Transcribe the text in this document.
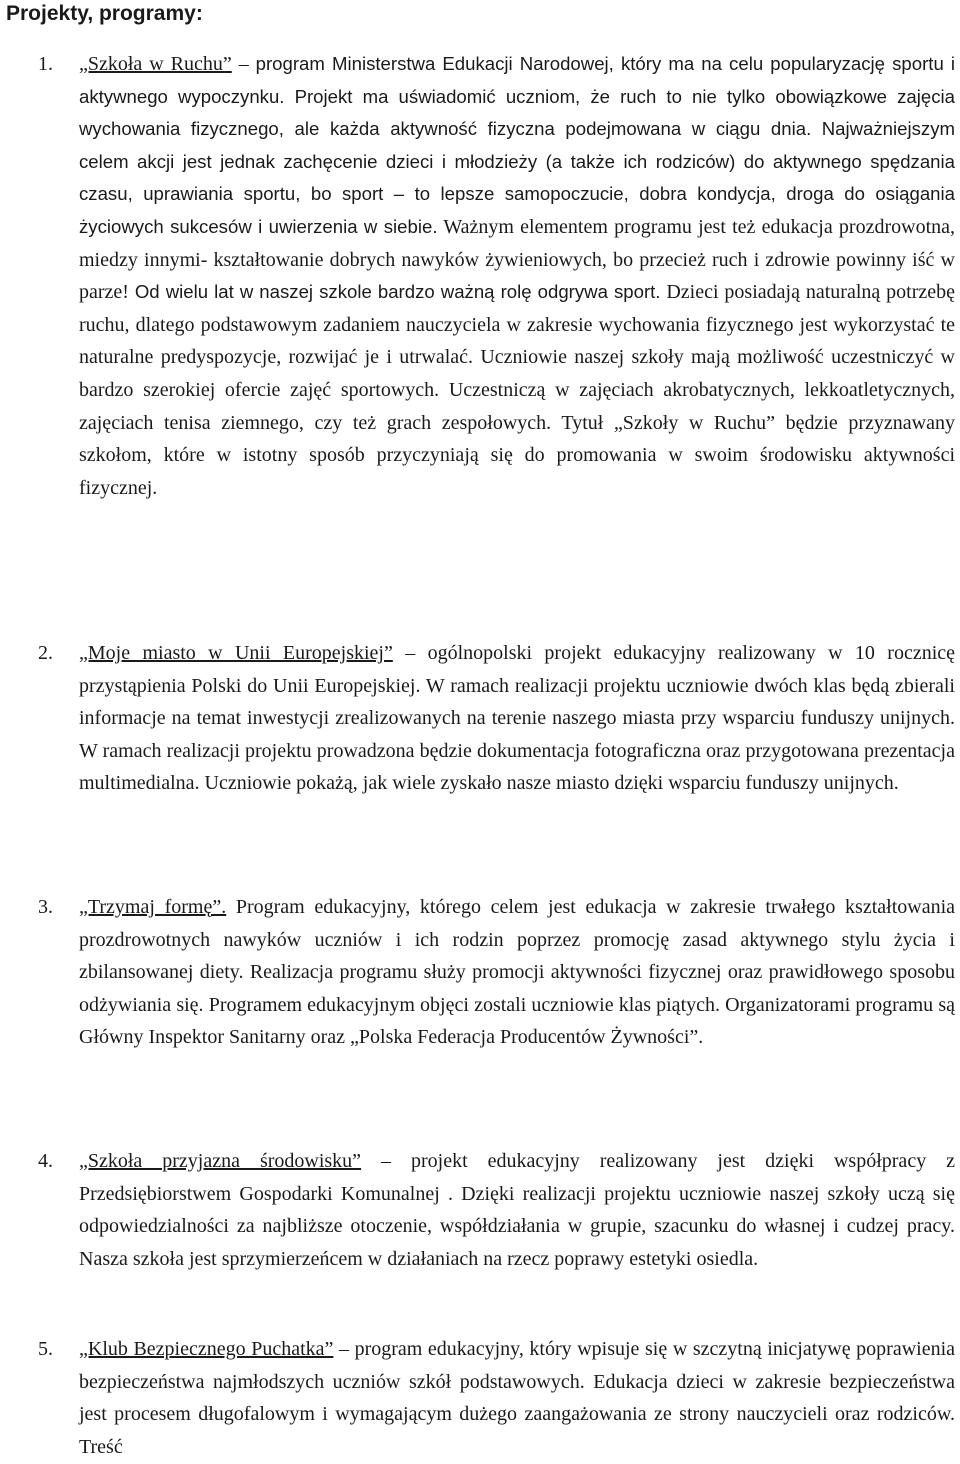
Projekty, programy:
1. „Szkoła w Ruchu” – program Ministerstwa Edukacji Narodowej, który ma na celu popularyzację sportu i aktywnego wypoczynku. Projekt ma uświadomić uczniom, że ruch to nie tylko obowiązkowe zajęcia wychowania fizycznego, ale każda aktywność fizyczna podejmowana w ciągu dnia. Najważniejszym celem akcji jest jednak zachęcenie dzieci i młodzieży (a także ich rodziców) do aktywnego spędzania czasu, uprawiania sportu, bo sport – to lepsze samopoczucie, dobra kondycja, droga do osiągania życiowych sukcesów i uwierzenia w siebie. Ważnym elementem programu jest też edukacja prozdrowotna, miedzy innymi- kształtowanie dobrych nawyków żywieniowych, bo przecież ruch i zdrowie powinny iść w parze! Od wielu lat w naszej szkole bardzo ważną rolę odgrywa sport. Dzieci posiadają naturalną potrzebę ruchu, dlatego podstawowym zadaniem nauczyciela w zakresie wychowania fizycznego jest wykorzystać te naturalne predyspozycje, rozwijać je i utrwalać. Uczniowie naszej szkoły mają możliwość uczestniczyć w bardzo szerokiej ofercie zajęć sportowych. Uczestniczą w zajęciach akrobatycznych, lekkoatletycznych, zajęciach tenisa ziemnego, czy też grach zespołowych. Tytuł „Szkoły w Ruchu” będzie przyznawany szkołom, które w istotny sposób przyczyniają się do promowania w swoim środowisku aktywności fizycznej.

2. „Moje miasto w Unii Europejskiej” – ogólnopolski projekt edukacyjny realizowany w 10 rocznicę przystąpienia Polski do Unii Europejskiej. W ramach realizacji projektu uczniowie dwóch klas będą zbierali informacje na temat inwestycji zrealizowanych na terenie naszego miasta przy wsparciu funduszy unijnych. W ramach realizacji projektu prowadzona będzie dokumentacja fotograficzna oraz przygotowana prezentacja multimedialna. Uczniowie pokażą, jak wiele zyskało nasze miasto dzięki wsparciu funduszy unijnych.

3. „Trzymaj formę”. Program edukacyjny, którego celem jest edukacja w zakresie trwałego kształtowania prozdrowotnych nawyków uczniów i ich rodzin poprzez promocję zasad aktywnego stylu życia i zbilansowanej diety. Realizacja programu służy promocji aktywności fizycznej oraz prawidłowego sposobu odżywiania się. Programem edukacyjnym objęci zostali uczniowie klas piątych. Organizatorami programu są Główny Inspektor Sanitarny oraz „Polska Federacja Producentów Żywności”.

4. „Szkoła przyjazna środowisku” – projekt edukacyjny realizowany jest dzięki współpracy z Przedsiębiorstwem Gospodarki Komunalnej . Dzięki realizacji projektu uczniowie naszej szkoły uczą się odpowiedzialności za najbliższe otoczenie, współdziałania w grupie, szacunku do własnej i cudzej pracy. Nasza szkoła jest sprzymierzeńcem w działaniach na rzecz poprawy estetyki osiedla.

5. „Klub Bezpiecznego Puchatka” – program edukacyjny, który wpisuje się w szczytną inicjatywę poprawienia bezpieczeństwa najmłodszych uczniów szkół podstawowych. Edukacja dzieci w zakresie bezpieczeństwa jest procesem długofalowym i wymagającym dużego zaangażowania ze strony nauczycieli oraz rodziców. Treść
